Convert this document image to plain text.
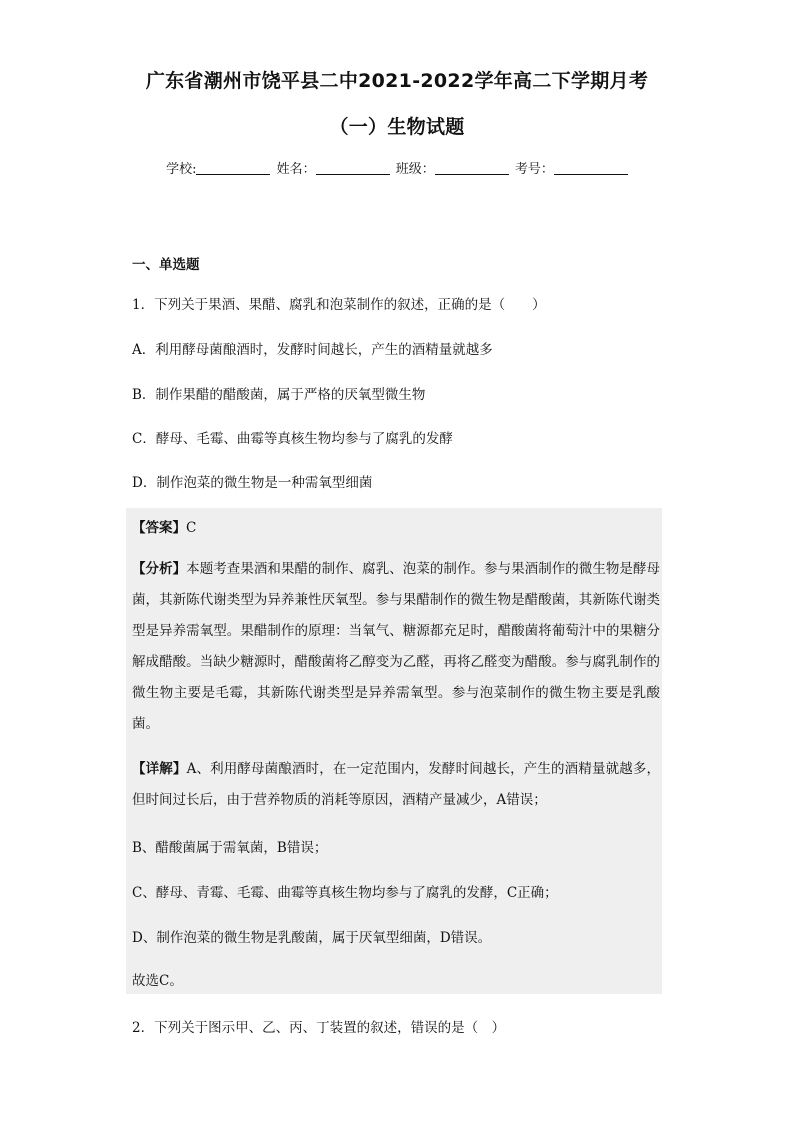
广东省潮州市饶平县二中2021-2022学年高二下学期月考
（一）生物试题
学校:	姓名：	班级：	考号：
一、单选题
1．下列关于果酒、果醋、腐乳和泡菜制作的叙述，正确的是（　　）
A．利用酵母菌酿酒时，发酵时间越长，产生的酒精量就越多
B．制作果醋的醋酸菌，属于严格的厌氧型微生物
C．酵母、毛霉、曲霉等真核生物均参与了腐乳的发酵
D．制作泡菜的微生物是一种需氧型细菌
【答案】C
【分析】本题考查果酒和果醋的制作、腐乳、泡菜的制作。参与果酒制作的微生物是酵母菌，其新陈代谢类型为异养兼性厌氧型。参与果醋制作的微生物是醋酸菌，其新陈代谢类型是异养需氧型。果醋制作的原理：当氧气、糖源都充足时，醋酸菌将葡萄汁中的果糖分解成醋酸。当缺少糖源时，醋酸菌将乙醇变为乙醛，再将乙醛变为醋酸。参与腐乳制作的微生物主要是毛霉，其新陈代谢类型是异养需氧型。参与泡菜制作的微生物主要是乳酸菌。
【详解】A、利用酵母菌酿酒时，在一定范围内，发酵时间越长，产生的酒精量就越多，但时间过长后，由于营养物质的消耗等原因，酒精产量减少，A错误；
B、醋酸菌属于需氧菌，B错误；
C、酵母、青霉、毛霉、曲霉等真核生物均参与了腐乳的发酵，C正确；
D、制作泡菜的微生物是乳酸菌，属于厌氧型细菌，D错误。
故选C。
2．下列关于图示甲、乙、丙、丁装置的叙述，错误的是（　）
